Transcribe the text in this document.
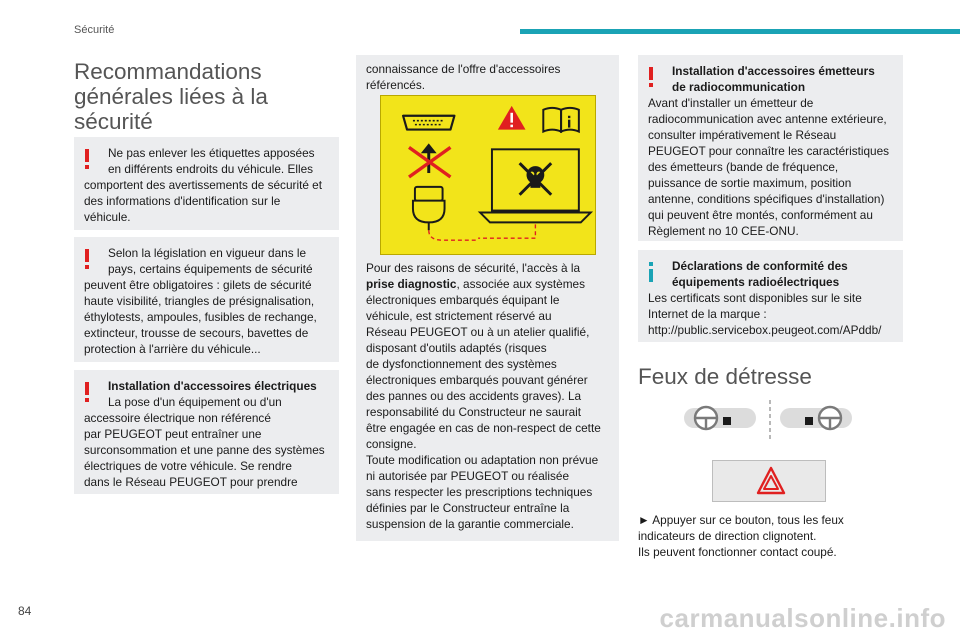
Sécurité
Recommandations
générales liées à la
sécurité

Ne pas enlever les étiquettes apposées

en différents endroits du véhicule. Elles

comportent des avertissements de sécurité et

des informations d'identification sur le

véhicule.

Selon la législation en vigueur dans le

pays, certains équipements de sécurité

peuvent être obligatoires : gilets de sécurité

haute visibilité, triangles de présignalisation,

éthylotests, ampoules, fusibles de rechange,

extincteur, trousse de secours, bavettes de

protection à l'arrière du véhicule...

Installation d'accessoires électriques

La pose d'un équipement ou d'un

accessoire électrique non référencé

par PEUGEOT peut entraîner une

surconsommation et une panne des systèmes

électriques de votre véhicule. Se rendre

dans le Réseau PEUGEOT pour prendre

connaissance de l'offre d'accessoires

référencés.

Pour des raisons de sécurité, l'accès à la

prise diagnostic, associée aux systèmes

électroniques embarqués équipant le

véhicule, est strictement réservé au

Réseau PEUGEOT ou à un atelier qualifié,

disposant d'outils adaptés (risques

de dysfonctionnement des systèmes

électroniques embarqués pouvant générer

des pannes ou des accidents graves). La

responsabilité du Constructeur ne saurait

être engagée en cas de non-respect de cette

consigne.

Toute modification ou adaptation non prévue

ni autorisée par PEUGEOT ou réalisée

sans respecter les prescriptions techniques

définies par le Constructeur entraîne la

suspension de la garantie commerciale.

Installation d'accessoires émetteurs

de radiocommunication

Avant d'installer un émetteur de

radiocommunication avec antenne extérieure,

consulter impérativement le Réseau

PEUGEOT pour connaître les caractéristiques

des émetteurs (bande de fréquence,

puissance de sortie maximum, position

antenne, conditions spécifiques d'installation)

qui peuvent être montés, conformément au

Règlement no 10 CEE-ONU.

Déclarations de conformité des

équipements radioélectriques

Les certificats sont disponibles sur le site

Internet de la marque :

http://public.servicebox.peugeot.com/APddb/

Feux de détresse

► Appuyer sur ce bouton, tous les feux

indicateurs de direction clignotent.

Ils peuvent fonctionner contact coupé.

84	carmanualsonline.info
